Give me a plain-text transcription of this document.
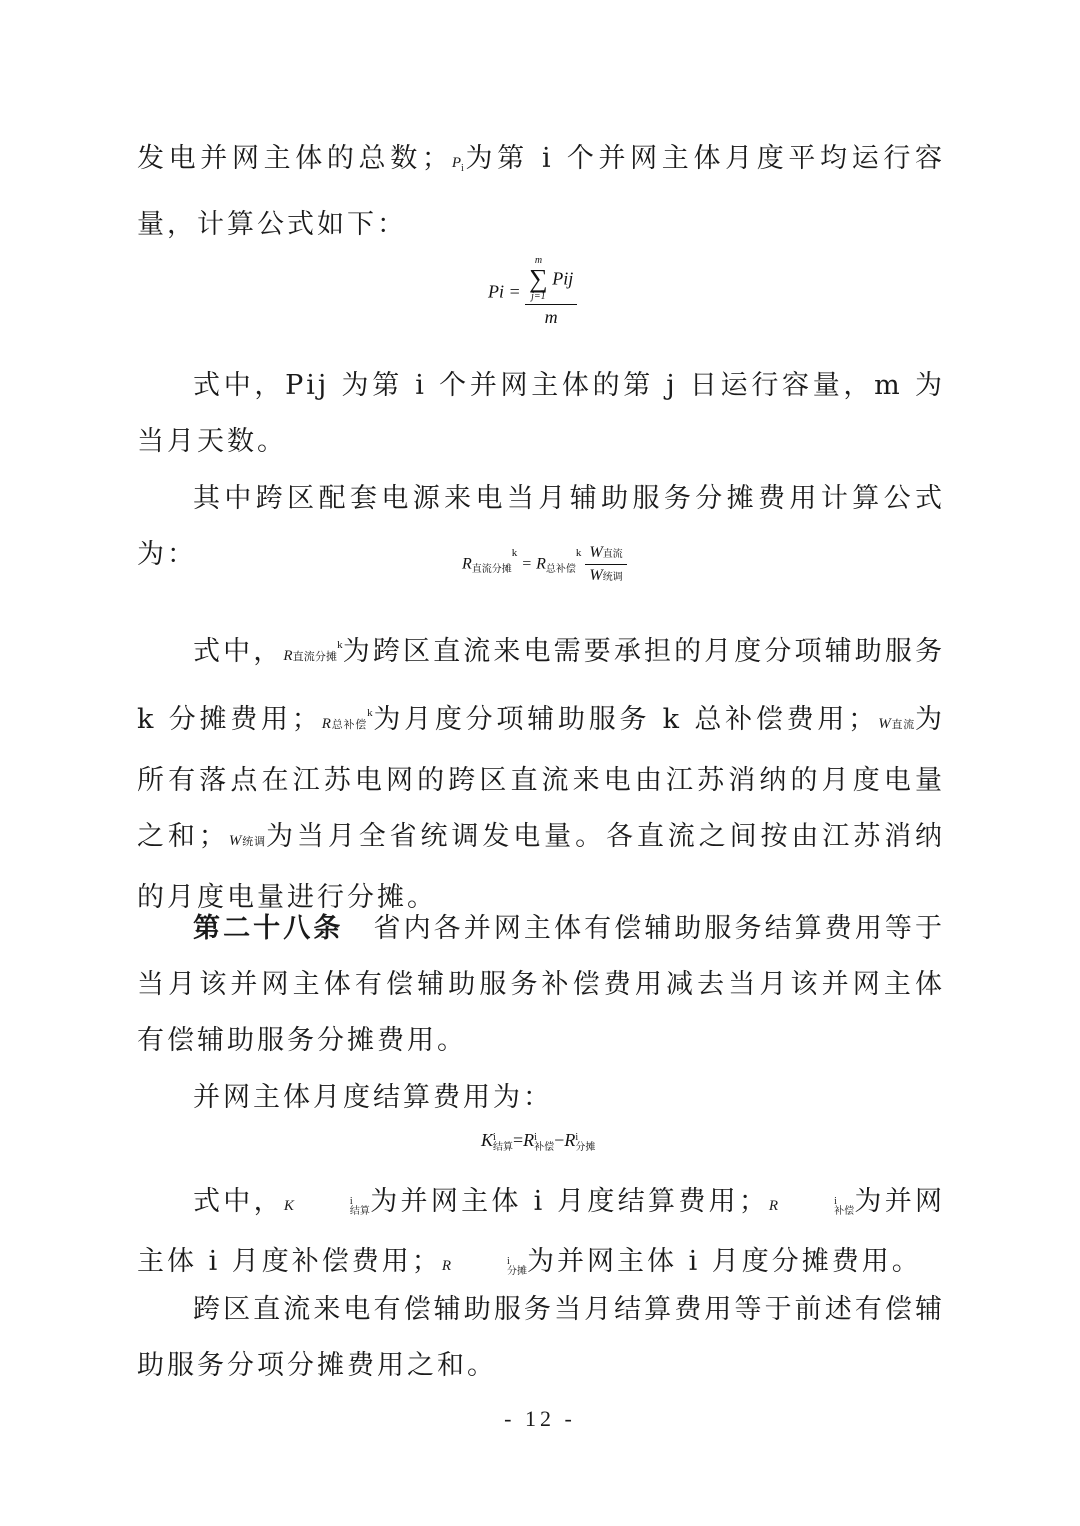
发电并网主体的总数；$P_i$为第 i 个并网主体月度平均运行容量，计算公式如下：

Pi = m
∑
j=1
Pij
m

式中，Pij 为第 i 个并网主体的第 j 日运行容量，m 为当月天数。

其中跨区配套电源来电当月辅助服务分摊费用计算公式为：	$R_{直流分摊}^k = R_{总补偿}^k \frac{\text{W直流}}{\text{W统调}}$

式中，R直流分摊$^k$为跨区直流来电需要承担的月度分项辅助服务 k 分摊费用；R总补偿$^k$为月度分项辅助服务 k 总补偿费用；W直流为所有落点在江苏电网的跨区直流来电由江苏消纳的月度电量之和；W统调为当月全省统调发电量。各直流之间按由江苏消纳的月度电量进行分摊。

第二十八条　 省内各并网主体有偿辅助服务结算费用等于当月该并网主体有偿辅助服务补偿费用减去当月该并网主体有偿辅助服务分摊费用。

并网主体月度结算费用为：

K i
结算 =R i
补偿 −R i
分摊

式中，K	i
结算 为并网主体 i 月度结算费用；R	i
补偿 为并网主体 i 月度补偿费用；R	i
分摊 为并网主体 i 月度分摊费用。

跨区直流来电有偿辅助服务当月结算费用等于前述有偿辅助服务分项分摊费用之和。

- 12 -
